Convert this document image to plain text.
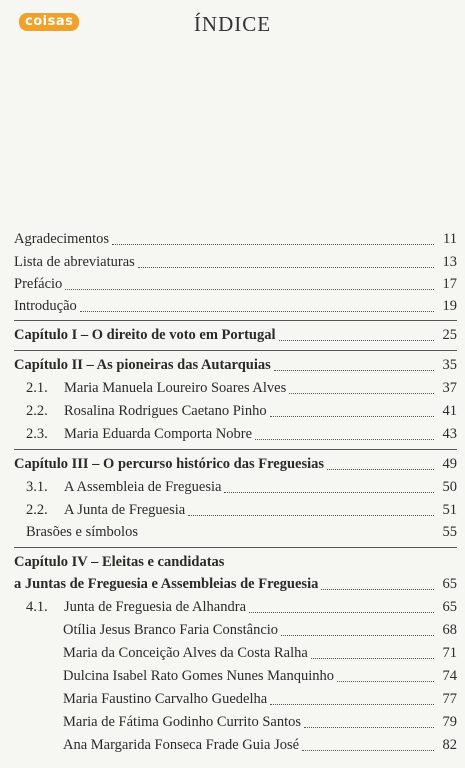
coisas	ÍNDICE
Agradecimentos	11
Lista de abreviaturas	13
Prefácio	17
Introdução	19
Capítulo I – O direito de voto em Portugal	25
Capítulo II – As pioneiras das Autarquias	35
2.1.	Maria Manuela Loureiro Soares Alves	37
2.2.	Rosalina Rodrigues Caetano Pinho	41
2.3.	Maria Eduarda Comporta Nobre	43
Capítulo III – O percurso histórico das Freguesias	49
3.1.	A Assembleia de Freguesia	50
2.2.	A Junta de Freguesia	51
Brasões e símbolos	55
Capítulo IV – Eleitas e candidatas
a Juntas de Freguesia e Assembleias de Freguesia	65
4.1.	Junta de Freguesia de Alhandra	65
Otília Jesus Branco Faria Constâncio	68
Maria da Conceição Alves da Costa Ralha	71
Dulcina Isabel Rato Gomes Nunes Manquinho	74
Maria Faustino Carvalho Guedelha	77
Maria de Fátima Godinho Currito Santos	79
Ana Margarida Fonseca Frade Guia José	82
